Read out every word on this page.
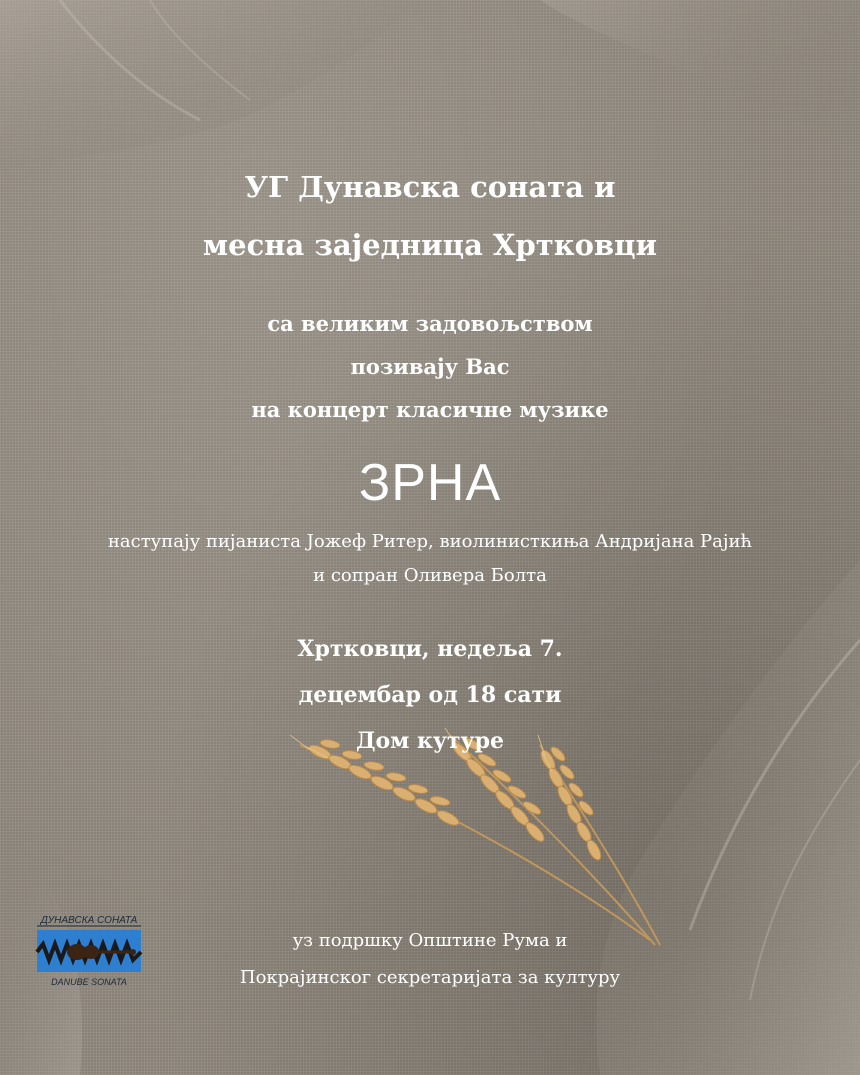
УГ Дунавска соната и
месна заједница Хртковци
са великим задовољством
позивају Вас
на концерт класичне музике
ЗРНА
наступају пијаниста Јожеф Ритер, виолинисткиња Андријана Рајић
и сопран Оливера Болта
Хртковци, недеља 7.
децембар од 18 сати
Дом кутуре
уз подршку Општине Рума и
Покрајинског секретаријата за културу
ДУНАВСКА СОНАТА
DANUBE SONATA
